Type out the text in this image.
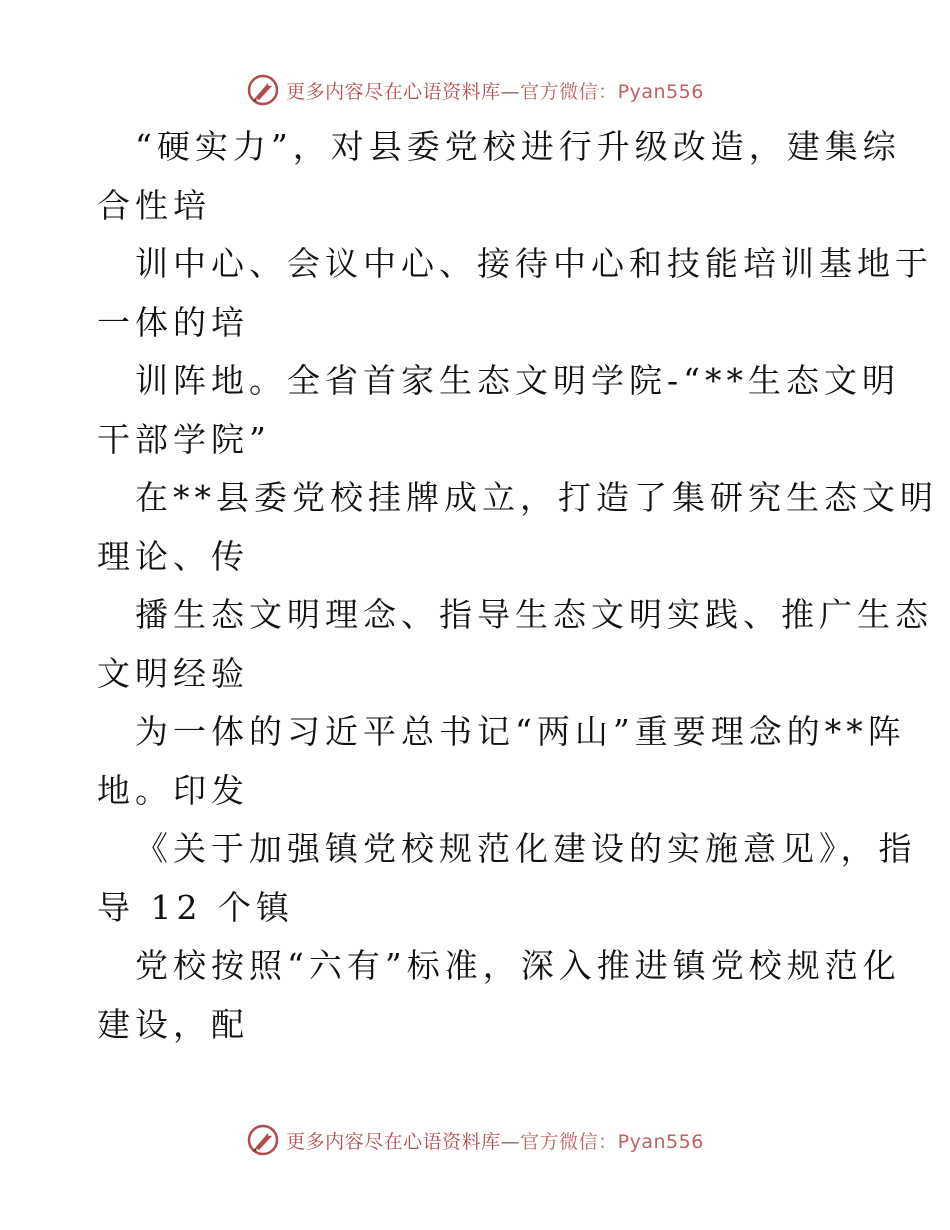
更多内容尽在心语资料库—官方微信：Pyan556
“硬实力”，对县委党校进行升级改造，建集综
合性培
训中心、会议中心、接待中心和技能培训基地于
一体的培
训阵地。全省首家生态文明学院-“**生态文明
干部学院”
在**县委党校挂牌成立，打造了集研究生态文明
理论、传
播生态文明理念、指导生态文明实践、推广生态
文明经验
为一体的习近平总书记“两山”重要理念的**阵
地。印发
《关于加强镇党校规范化建设的实施意见》，指
导 12 个镇
党校按照“六有”标准，深入推进镇党校规范化
建设，配
更多内容尽在心语资料库—官方微信：Pyan556
